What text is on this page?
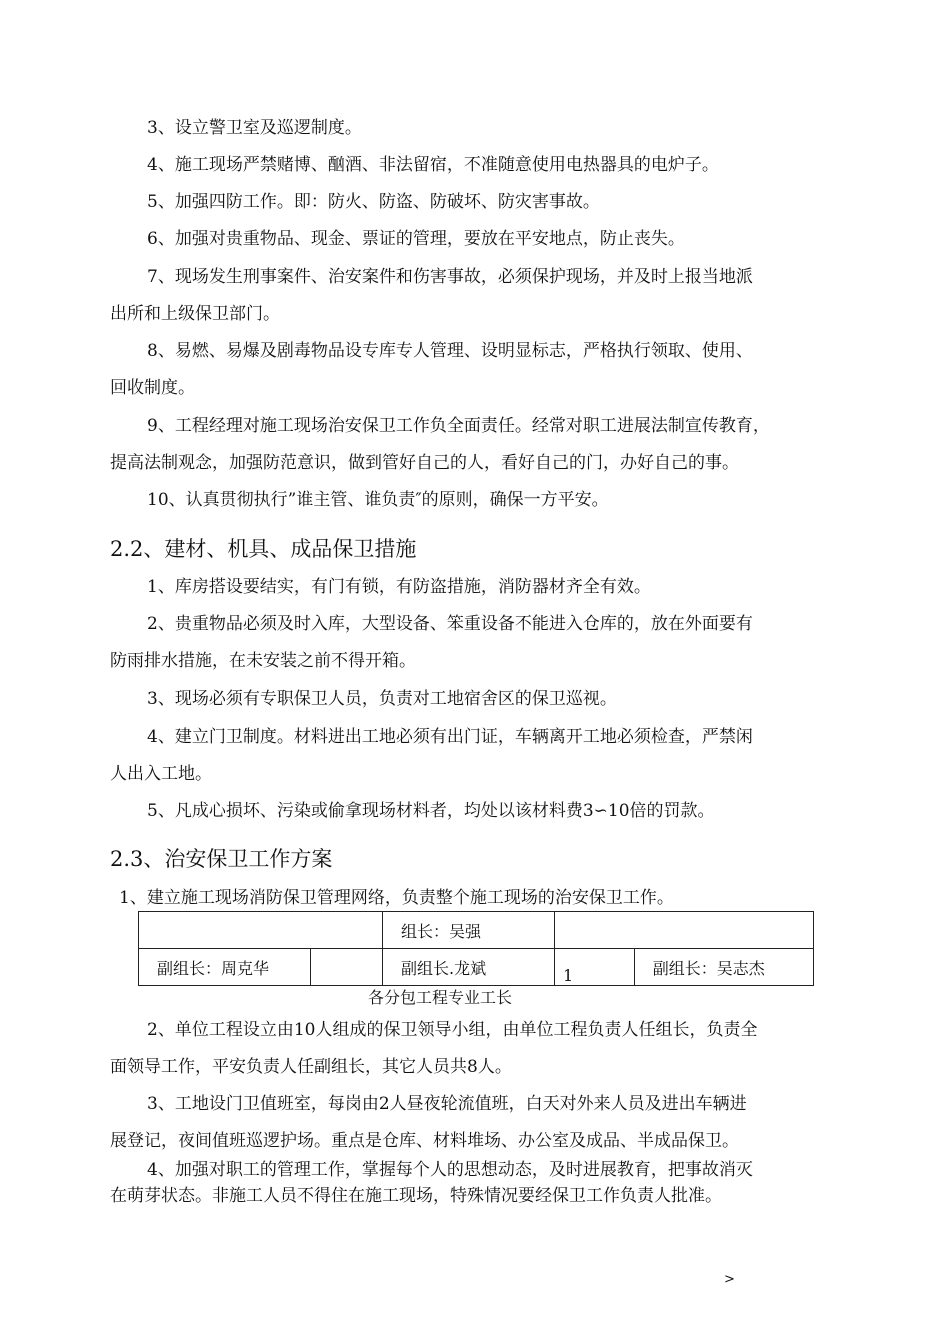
3、设立警卫室及巡逻制度。

4、施工现场严禁赌博、酗酒、非法留宿，不准随意使用电热器具的电炉子。

5、加强四防工作。即：防火、防盗、防破坏、防灾害事故。

6、加强对贵重物品、现金、票证的管理，要放在平安地点，防止丧失。

7、现场发生刑事案件、治安案件和伤害事故，必须保护现场，并及时上报当地派
出所和上级保卫部门。

8、易燃、易爆及剧毒物品设专库专人管理、设明显标志，严格执行领取、使用、
回收制度。

9、工程经理对施工现场治安保卫工作负全面责任。经常对职工进展法制宣传教育，
提高法制观念，加强防范意识，做到管好自己的人，看好自己的门，办好自己的事。

10、认真贯彻执行”谁主管、谁负责″的原则，确保一方平安。

2.2、建材、机具、成品保卫措施

1、库房搭设要结实，有门有锁，有防盗措施，消防器材齐全有效。

2、贵重物品必须及时入库，大型设备、笨重设备不能进入仓库的，放在外面要有
防雨排水措施，在未安装之前不得开箱。

3、现场必须有专职保卫人员，负责对工地宿舍区的保卫巡视。

4、建立门卫制度。材料进出工地必须有出门证，车辆离开工地必须检查，严禁闲
人出入工地。

5、凡成心损坏、污染或偷拿现场材料者，均处以该材料费3∽10倍的罚款。

2.3、治安保卫工作方案

1、建立施工现场消防保卫管理网络，负责整个施工现场的治安保卫工作。

		组长：吴强		
副组长：周克华		副组长.龙斌	1	副组长：吴志杰
各分包工程专业工长

2、单位工程设立由10人组成的保卫领导小组，由单位工程负责人任组长，负责全
面领导工作，平安负责人任副组长，其它人员共8人。

3、工地设门卫值班室，每岗由2人昼夜轮流值班，白天对外来人员及进出车辆进
展登记，夜间值班巡逻护场。重点是仓库、材料堆场、办公室及成品、半成品保卫。

4、加强对职工的管理工作，掌握每个人的思想动态，及时进展教育，把事故消灭
在萌芽状态。非施工人员不得住在施工现场，特殊情况要经保卫工作负责人批准。

>
